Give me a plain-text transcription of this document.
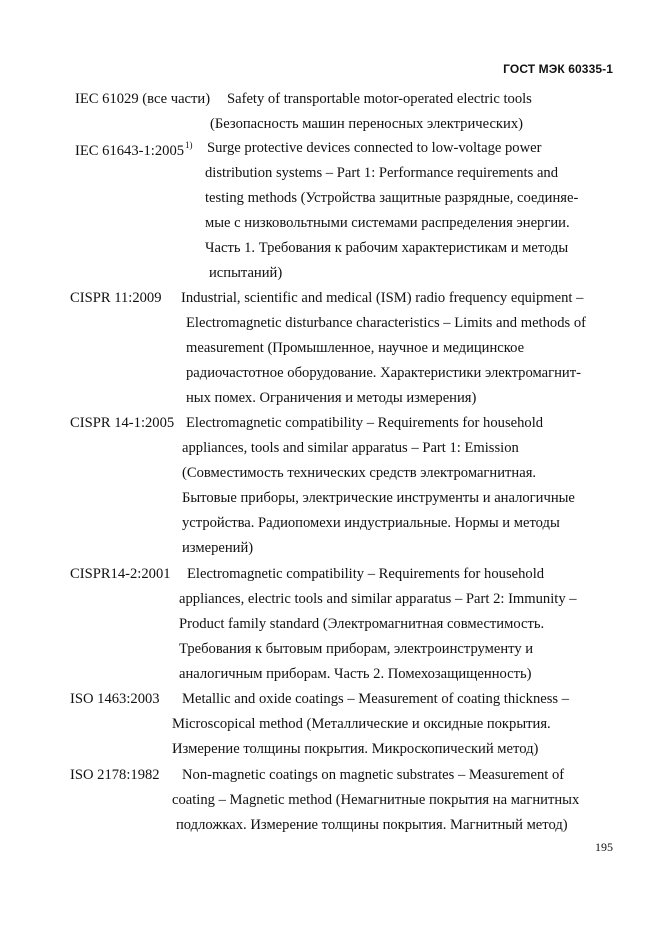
ГОСТ МЭК 60335-1
IEC 61029 (все части) Safety of transportable motor-operated electric tools
(Безопасность машин переносных электрических)
IEC 61643-1:2005$^{1)}$ Surge protective devices connected to low-voltage power
distribution systems – Part 1: Performance requirements and
testing methods (Устройства защитные разрядные, соединяе-
мые с низковольтными системами распределения энергии.
Часть 1. Требования к рабочим характеристикам и методы
испытаний)
CISPR 11:2009 Industrial, scientific and medical (ISM) radio frequency equipment –
Electromagnetic disturbance characteristics – Limits and methods of
measurement (Промышленное, научное и медицинское
радиочастотное оборудование. Характеристики электромагнит-
ных помех. Ограничения и методы измерения)
CISPR 14-1:2005 Electromagnetic compatibility – Requirements for household
appliances, tools and similar apparatus – Part 1: Emission
(Совместимость технических средств электромагнитная.
Бытовые приборы, электрические инструменты и аналогичные
устройства. Радиопомехи индустриальные. Нормы и методы
измерений)
CISPR14-2:2001 Electromagnetic compatibility – Requirements for household
appliances, electric tools and similar apparatus – Part 2: Immunity –
Product family standard (Электромагнитная совместимость.
Требования к бытовым приборам, электроинструменту и
аналогичным приборам. Часть 2. Помехозащищенность)
ISO 1463:2003 Metallic and oxide coatings – Measurement of coating thickness –
Microscopical method (Металлические и оксидные покрытия.
Измерение толщины покрытия. Микроскопический метод)
ISO 2178:1982 Non-magnetic coatings on magnetic substrates – Measurement of
coating – Magnetic method (Немагнитные покрытия на магнитных
подложках. Измерение толщины покрытия. Магнитный метод)
195
